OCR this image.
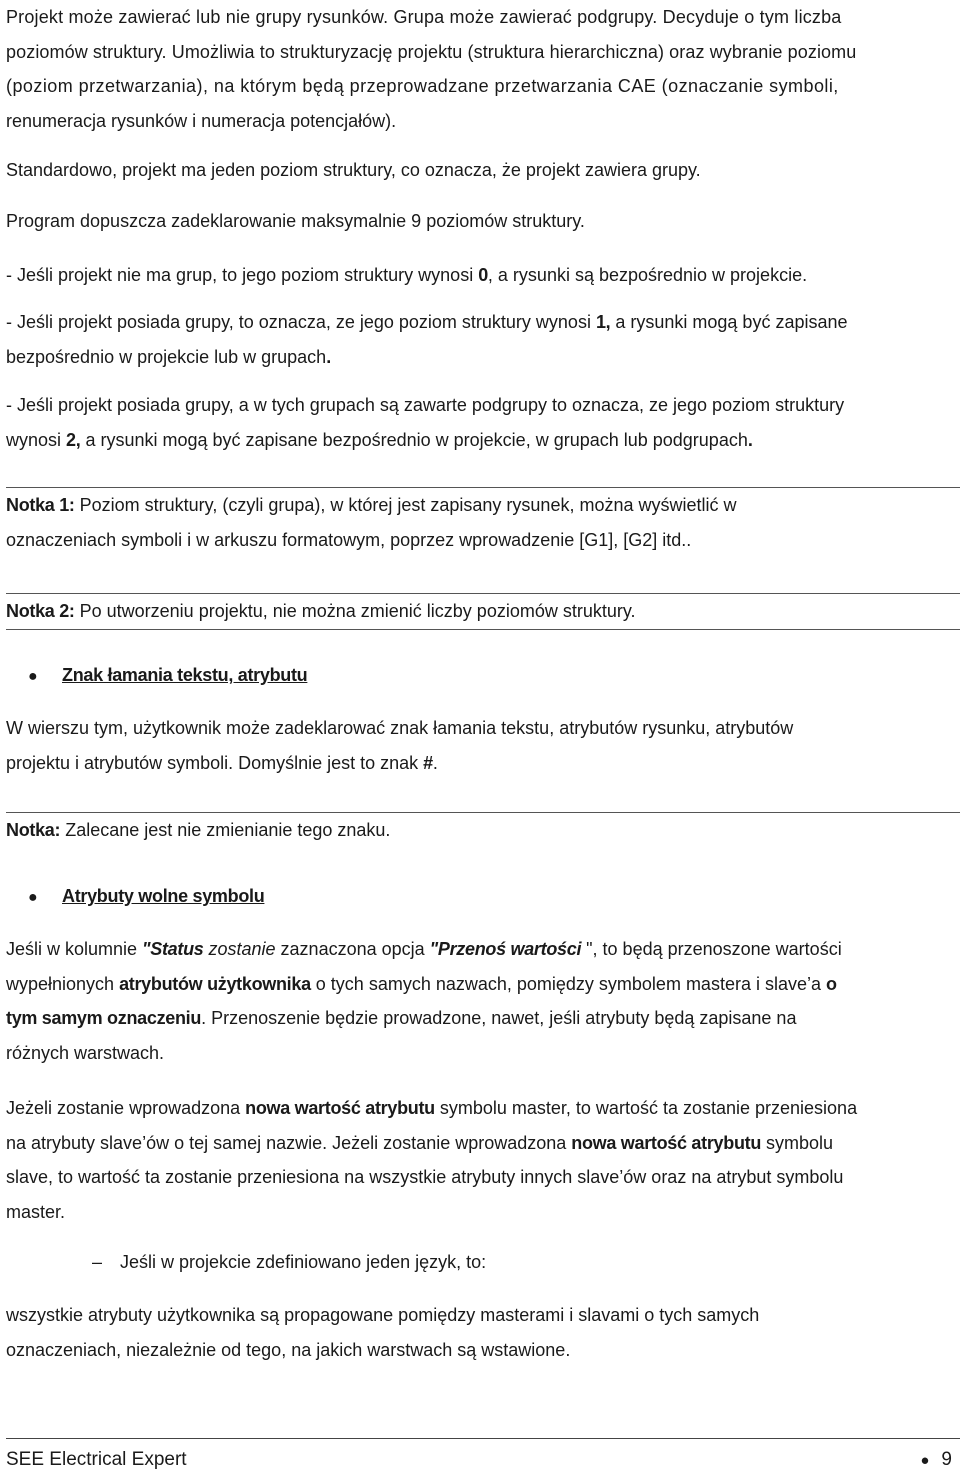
Projekt może zawierać lub nie grupy rysunków. Grupa może zawierać podgrupy. Decyduje o tym liczba
poziomów struktury. Umożliwia to strukturyzację projektu (struktura hierarchiczna) oraz wybranie poziomu
(poziom przetwarzania), na którym będą przeprowadzane przetwarzania CAE (oznaczanie symboli,
renumeracja rysunków i numeracja potencjałów).
Standardowo, projekt ma jeden poziom struktury, co oznacza, że projekt zawiera grupy.
Program dopuszcza zadeklarowanie maksymalnie 9 poziomów struktury.
- Jeśli projekt nie ma grup, to jego poziom struktury wynosi 0, a rysunki są bezpośrednio w projekcie.
- Jeśli projekt posiada grupy, to oznacza, ze jego poziom struktury wynosi 1, a rysunki mogą być zapisane
bezpośrednio w projekcie lub w grupach.
- Jeśli projekt posiada grupy, a w tych grupach są zawarte podgrupy to oznacza, ze jego poziom struktury
wynosi 2, a rysunki mogą być zapisane bezpośrednio w projekcie, w grupach lub podgrupach.
Notka 1: Poziom struktury, (czyli grupa), w której jest zapisany rysunek, można wyświetlić w
oznaczeniach symboli i w arkuszu formatowym, poprzez wprowadzenie [G1], [G2] itd..
Notka 2: Po utworzeniu projektu, nie można zmienić liczby poziomów struktury.
● Znak łamania tekstu, atrybutu
W wierszu tym, użytkownik może zadeklarować znak łamania tekstu, atrybutów rysunku, atrybutów
projektu i atrybutów symboli. Domyślnie jest to znak #.
Notka: Zalecane jest nie zmienianie tego znaku.
● Atrybuty wolne symbolu
Jeśli w kolumnie "Status zostanie zaznaczona opcja "Przenoś wartości ", to będą przenoszone wartości
wypełnionych atrybutów użytkownika o tych samych nazwach, pomiędzy symbolem mastera i slave’a o
tym samym oznaczeniu. Przenoszenie będzie prowadzone, nawet, jeśli atrybuty będą zapisane na
różnych warstwach.
Jeżeli zostanie wprowadzona nowa wartość atrybutu symbolu master, to wartość ta zostanie przeniesiona
na atrybuty slave’ów o tej samej nazwie. Jeżeli zostanie wprowadzona nowa wartość atrybutu symbolu
slave, to wartość ta zostanie przeniesiona na wszystkie atrybuty innych slave’ów oraz na atrybut symbolu
master.
– Jeśli w projekcie zdefiniowano jeden język, to:
wszystkie atrybuty użytkownika są propagowane pomiędzy masterami i slavami o tych samych
oznaczeniach, niezależnie od tego, na jakich warstwach są wstawione.
SEE Electrical Expert	● 9
